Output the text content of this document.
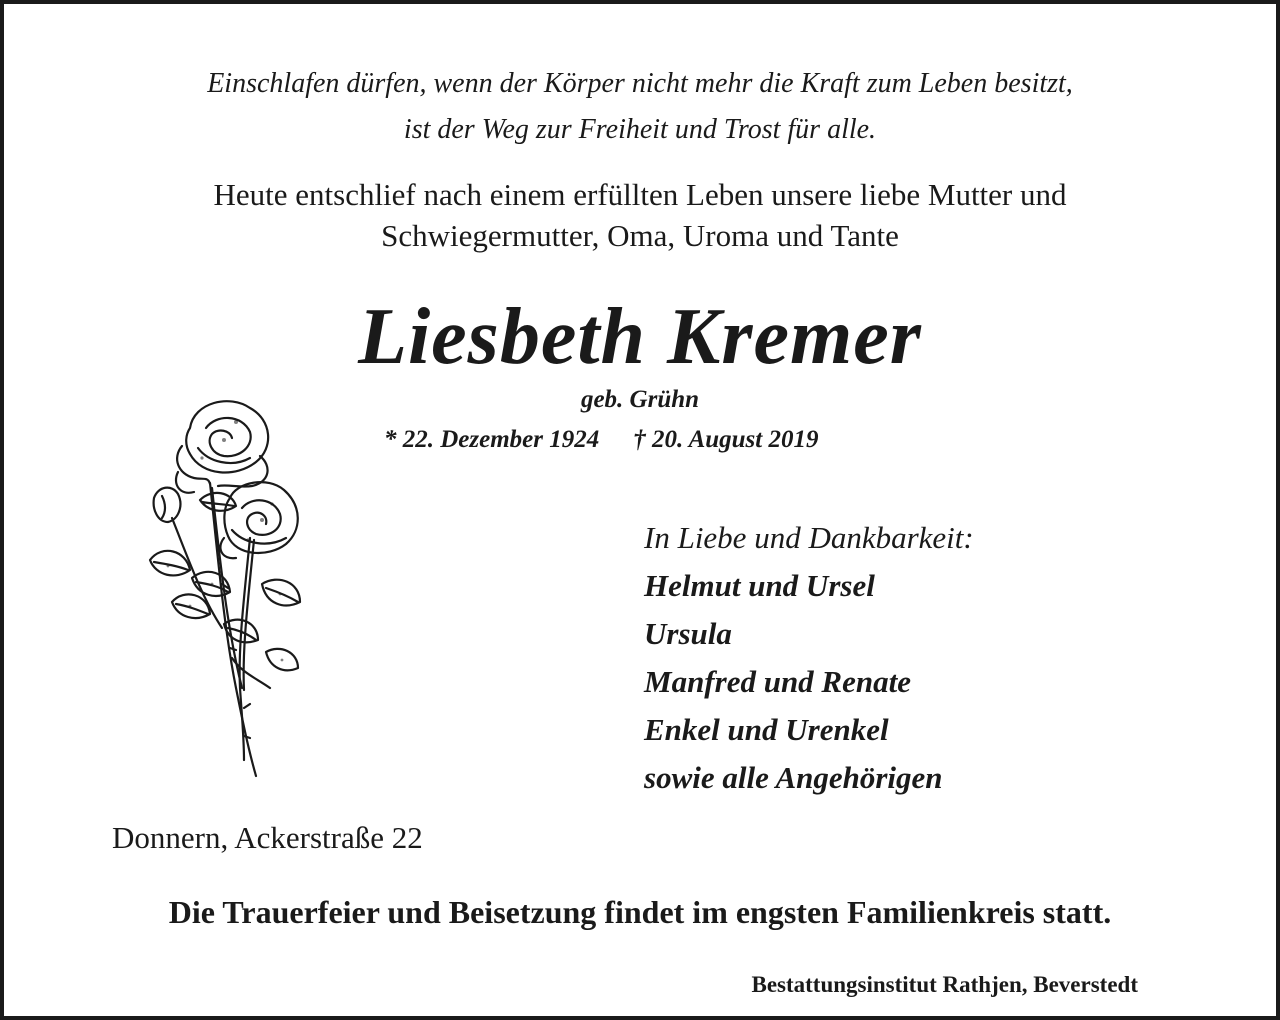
Einschlafen dürfen, wenn der Körper nicht mehr die Kraft zum Leben besitzt,
ist der Weg zur Freiheit und Trost für alle.
Heute entschlief nach einem erfüllten Leben unsere liebe Mutter und
Schwiegermutter, Oma, Uroma und Tante
Liesbeth Kremer
geb. Grühn
* 22. Dezember 1924 † 20. August 2019

In Liebe und Dankbarkeit:

Helmut und Ursel

Ursula

Manfred und Renate

Enkel und Urenkel

sowie alle Angehörigen

Donnern, Ackerstraße 22
Die Trauerfeier und Beisetzung findet im engsten Familienkreis statt.
Bestattungsinstitut Rathjen, Beverstedt
